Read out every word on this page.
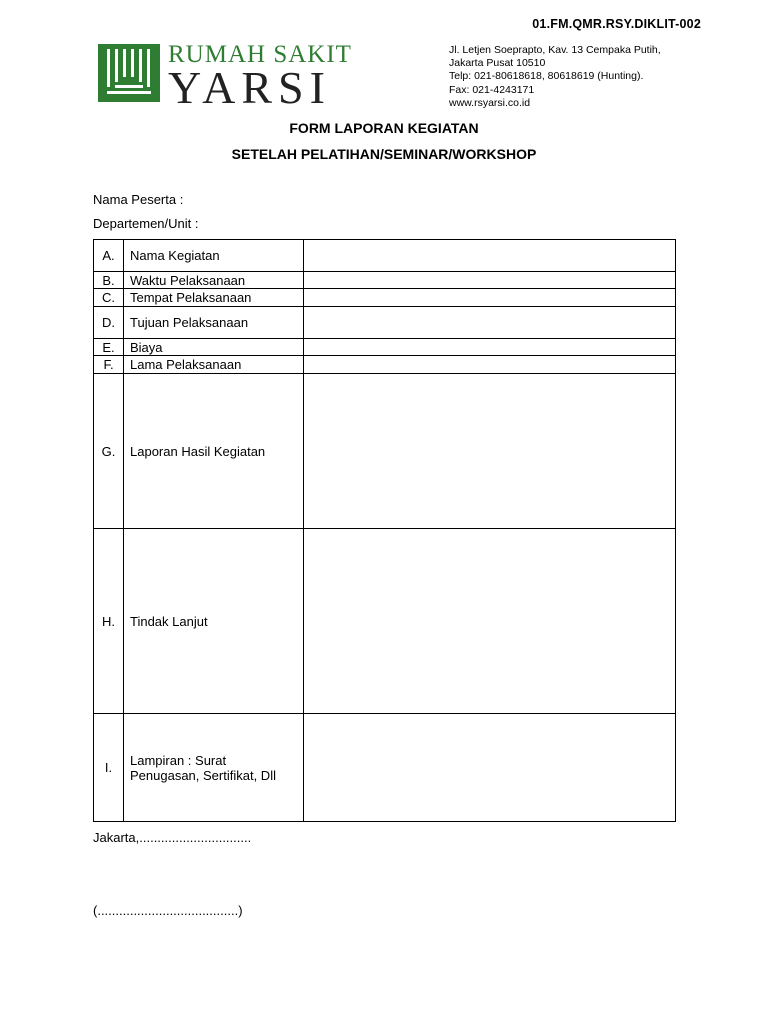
01.FM.QMR.RSY.DIKLIT-002
RUMAH SAKIT
YARSI
Jl. Letjen Soeprapto, Kav. 13 Cempaka Putih,
Jakarta Pusat 10510
Telp: 021-80618618, 80618619 (Hunting).
Fax: 021-4243171
www.rsyarsi.co.id
FORM LAPORAN KEGIATAN
SETELAH PELATIHAN/SEMINAR/WORKSHOP
Nama Peserta :
Departemen/Unit :
A.	Nama Kegiatan	
B.	Waktu Pelaksanaan	
C.	Tempat Pelaksanaan	
D.	Tujuan Pelaksanaan	
E.	Biaya	
F.	Lama Pelaksanaan	
G.	Laporan Hasil Kegiatan	
H.	Tindak Lanjut	
I.	Lampiran : Surat Penugasan, Sertifikat, Dll	
Jakarta,...............................
(.......................................)
